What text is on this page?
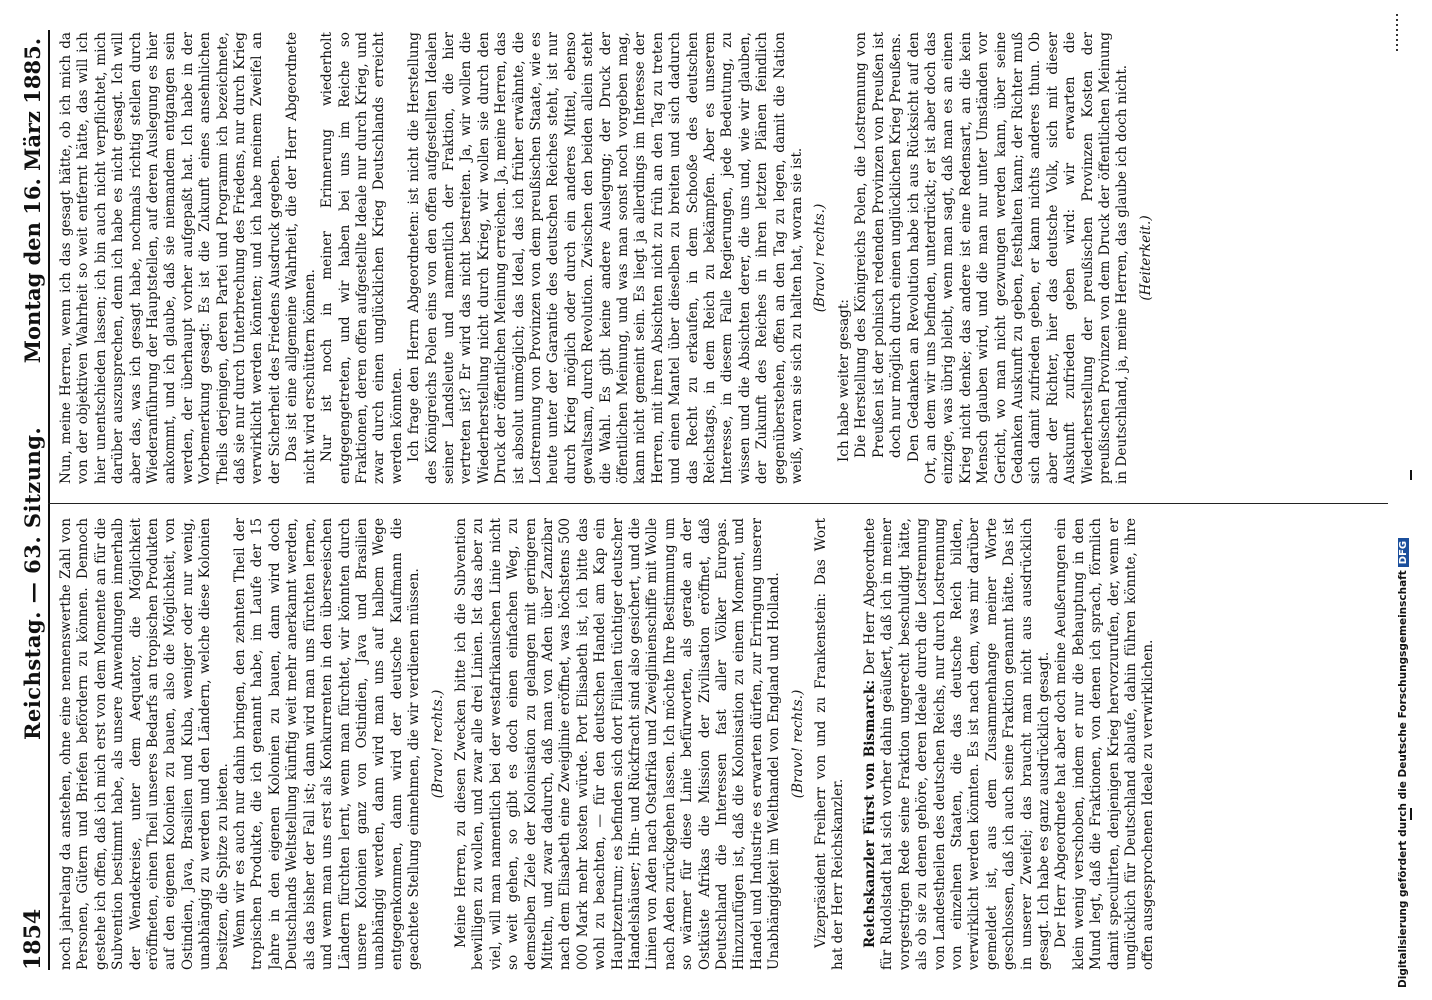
1854
Reichstag. — 63. Sitzung.
Montag den 16. März 1885.

noch jahrelang da anstehen, ohne eine nennenswerthe Zahl von Personen, Gütern und Briefen befördern zu können. Dennoch gestehe ich offen, daß ich mich erst von dem Momente an für die Subvention bestimmt habe, als unsere Anwendungen innerhalb der Wendekreise, unter dem Aequator, die Möglichkeit eröffneten, einen Theil unseres Bedarfs an tropischen Produkten auf den eigenen Kolonien zu bauen, also die Möglichkeit, von Ostindien, Java, Brasilien und Kuba, weniger oder nur wenig, unabhängig zu werden und den Ländern, welche diese Kolonien besitzen, die Spitze zu bieten. Wenn wir es auch nur dahin bringen, den zehnten Theil der tropischen Produkte, die ich genannt habe, im Laufe der 15 Jahre in den eigenen Kolonien zu bauen, dann wird doch Deutschlands Weltstellung künftig weit mehr anerkannt werden, als das bisher der Fall ist; dann wird man uns fürchten lernen, und wenn man uns erst als Konkurrenten in den überseeischen Ländern fürchten lernt, wenn man fürchtet, wir könnten durch unsere Kolonien ganz von Ostindien, Java und Brasilien unabhängig werden, dann wird man uns auf halbem Wege entgegenkommen, dann wird der deutsche Kaufmann die geachtete Stellung einnehmen, die wir verdienen müssen. (Bravo! rechts.) Meine Herren, zu diesen Zwecken bitte ich die Subvention bewilligen zu wollen, und zwar alle drei Linien. Ist das aber zu viel, will man namentlich bei der westafrikanischen Linie nicht so weit gehen, so gibt es doch einen einfachen Weg, zu demselben Ziele der Kolonisation zu gelangen mit geringeren Mitteln, und zwar dadurch, daß man von Aden über Zanzibar nach dem Elisabeth eine Zweiglinie eröffnet, was höchstens 500 000 Mark mehr kosten würde. Port Elisabeth ist, ich bitte das wohl zu beachten, — für den deutschen Handel am Kap ein Hauptzentrum; es befinden sich dort Filialen tüchtiger deutscher Handelshäuser; Hin- und Rückfracht sind also gesichert, und die Linien von Aden nach Ostafrika und Zweiglinienschiffe mit Wolle nach Aden zurückgehen lassen. Ich möchte Ihre Bestimmung um so wärmer für diese Linie befürworten, als gerade an der Ostküste Afrikas die Mission der Zivilisation eröffnet, daß Deutschland die Interessen fast aller Völker Europas. Hinzuzufügen ist, daß die Kolonisation zu einem Moment, und Handel und Industrie es erwarten dürfen, zur Erringung unserer Unabhängigkeit im Welthandel von England und Holland. (Bravo! rechts.) Vizepräsident Freiherr von und zu Frankenstein: Das Wort hat der Herr Reichskanzler. Reichskanzler Fürst von Bismarck: Der Herr Abgeordnete für Rudolstadt hat sich vorher dahin geäußert, daß ich in meiner vorgestrigen Rede seine Fraktion ungerecht beschuldigt hätte, als ob sie zu denen gehöre, deren Ideale durch die Lostrennung von Landestheilen des deutschen Reichs, nur durch Lostrennung von einzelnen Staaten, die das deutsche Reich bilden, verwirklicht werden könnten. Es ist nach dem, was mir darüber gemeldet ist, aus dem Zusammenhange meiner Worte geschlossen, daß ich auch seine Fraktion genannt hätte. Das ist in unserer Zweifel; das braucht man nicht aus ausdrücklich gesagt. Ich habe es ganz ausdrücklich gesagt. Der Herr Abgeordnete hat aber doch meine Aeußerungen ein klein wenig verschoben, indem er nur die Behauptung in den Mund legt, daß die Fraktionen, von denen ich sprach, förmlich damit speculirten, denjenigen Krieg hervorzurufen, der, wenn er unglücklich für Deutschland ablaufe, dahin führen könnte, ihre offen ausgesprochenen Ideale zu verwirklichen.

Nun, meine Herren, wenn ich das gesagt hätte, ob ich mich da von der objektiven Wahrheit so weit entfernt hätte, das will ich hier unentschieden lassen; ich bin auch nicht verpflichtet, mich darüber auszusprechen, denn ich habe es nicht gesagt. Ich will aber das, was ich gesagt habe, nochmals richtig stellen durch Wiederanführung der Hauptstellen, auf deren Auslegung es hier ankommt, und ich glaube, daß sie niemandem entgangen sein werden, der überhaupt vorher aufgepaßt hat. Ich habe in der Vorbemerkung gesagt: Es ist die Zukunft eines ansehnlichen Theils derjenigen, deren Partei und Programm ich bezeichnete, daß sie nur durch Unterbrechung des Friedens, nur durch Krieg verwirklicht werden könnten; und ich habe meinem Zweifel an der Sicherheit des Friedens Ausdruck gegeben. Das ist eine allgemeine Wahrheit, die der Herr Abgeordnete nicht wird erschüttern können. Nur ist noch in meiner Erinnerung wiederholt entgegengetreten, und wir haben bei uns im Reiche so Fraktionen, deren offen aufgestellte Ideale nur durch Krieg, und zwar durch einen unglücklichen Krieg Deutschlands erreicht werden könnten. Ich frage den Herrn Abgeordneten: ist nicht die Herstellung des Königreichs Polen eins von den offen aufgestellten Idealen seiner Landsleute und namentlich der Fraktion, die hier vertreten ist? Er wird das nicht bestreiten. Ja, wir wollen die Wiederherstellung nicht durch Krieg, wir wollen sie durch den Druck der öffentlichen Meinung erreichen. Ja, meine Herren, das ist absolut unmöglich; das Ideal, das ich früher erwähnte, die Lostrennung von Provinzen von dem preußischen Staate, wie es heute unter der Garantie des deutschen Reiches steht, ist nur durch Krieg möglich oder durch ein anderes Mittel, ebenso gewaltsam, durch Revolution. Zwischen den beiden allein steht die Wahl. Es gibt keine andere Auslegung; der Druck der öffentlichen Meinung, und was man sonst noch vorgeben mag, kann nicht gemeint sein. Es liegt ja allerdings im Interesse der Herren, mit ihren Absichten nicht zu früh an den Tag zu treten und einen Mantel über dieselben zu breiten und sich dadurch das Recht zu erkaufen, in dem Schooße des deutschen Reichstags, in dem Reich zu bekämpfen. Aber es unserem Interesse, in diesem Falle Regierungen, jede Bedeutung, zu wissen und die Absichten derer, die uns und, wie wir glauben, der Zukunft des Reiches in ihren letzten Plänen feindlich gegenüberstehen, offen an den Tag zu legen, damit die Nation weiß, woran sie sich zu halten hat, woran sie ist. (Bravo! rechts.)

Ich habe weiter gesagt: Die Herstellung des Königreichs Polen, die Lostrennung von Preußen ist der polnisch redenden Provinzen von Preußen ist doch nur möglich durch einen unglücklichen Krieg Preußens. Den Gedanken an Revolution habe ich aus Rücksicht auf den Ort, an dem wir uns befinden, unterdrückt; er ist aber doch das einzige, was übrig bleibt, wenn man sagt, daß man es an einen Krieg nicht denke; das andere ist eine Redensart, an die kein Mensch glauben wird, und die man nur unter Umständen vor Gericht, wo man nicht gezwungen werden kann, über seine Gedanken Auskunft zu geben, festhalten kann; der Richter muß sich damit zufrieden geben, er kann nichts anderes thun. Ob aber der Richter, hier das deutsche Volk, sich mit dieser Auskunft zufrieden geben wird: wir erwarten die Wiederherstellung der preußischen Provinzen Kosten der preußischen Provinzen von dem Druck der öffentlichen Meinung in Deutschland, ja, meine Herren, das glaube ich doch nicht. (Heiterkeit.)
Digitalisierung gefördert durch die Deutsche ForschungsgemeinschaftDFG
